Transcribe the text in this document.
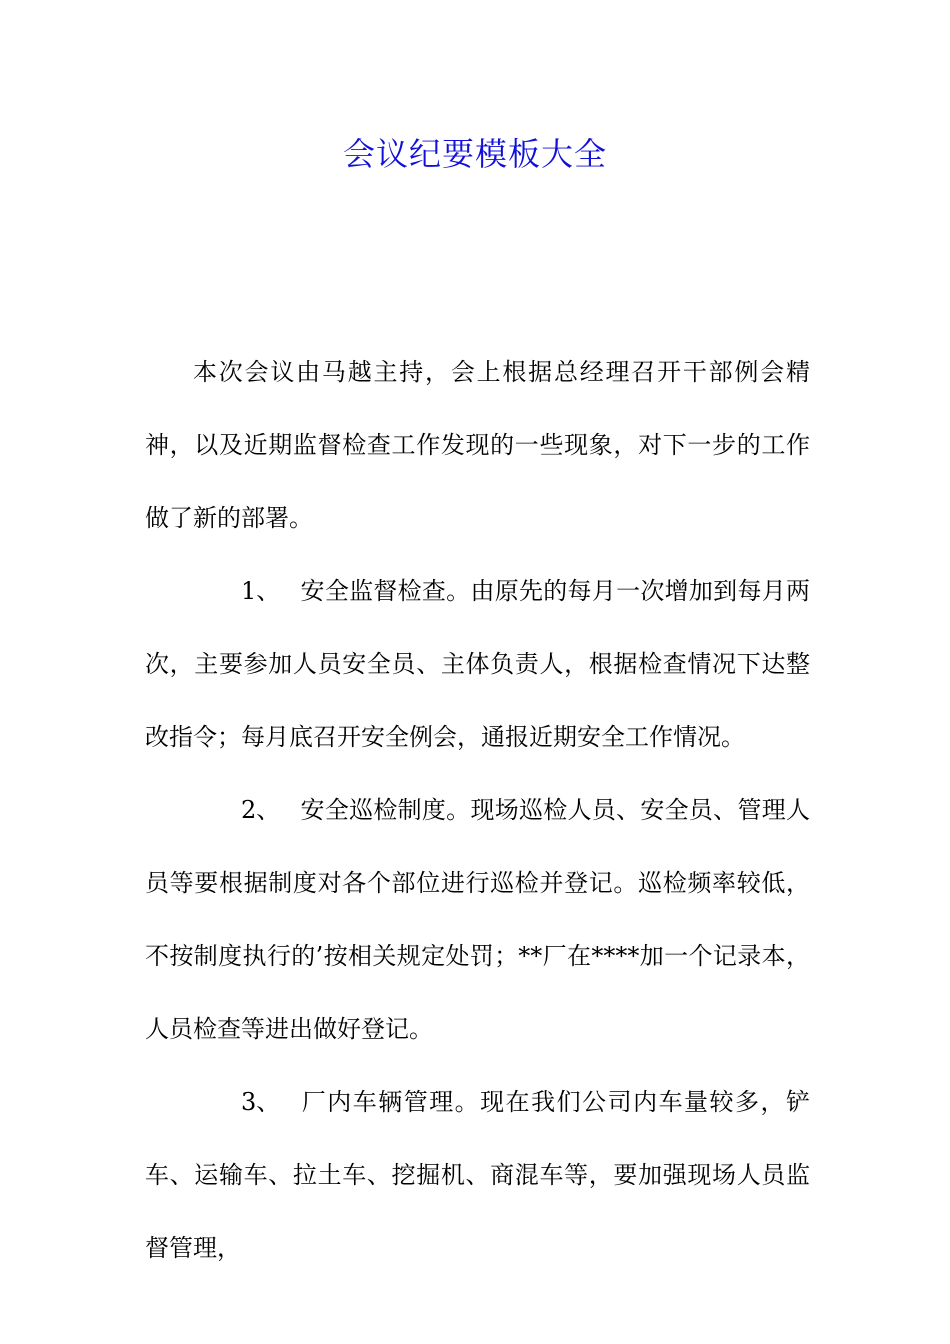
会议纪要模板大全

本次会议由马越主持，会上根据总经理召开干部例会精神，以及近期监督检查工作发现的一些现象，对下一步的工作做了新的部署。

1、 安全监督检查。由原先的每月一次增加到每月两次，主要参加人员安全员、主体负责人，根据检查情况下达整改指令；每月底召开安全例会，通报近期安全工作情况。

2、 安全巡检制度。现场巡检人员、安全员、管理人员等要根据制度对各个部位进行巡检并登记。巡检频率较低，不按制度执行的’按相关规定处罚；**厂在****加一个记录本，人员检查等进出做好登记。

3、 厂内车辆管理。现在我们公司内车量较多，铲车、运输车、拉土车、挖掘机、商混车等，要加强现场人员监督管理，
